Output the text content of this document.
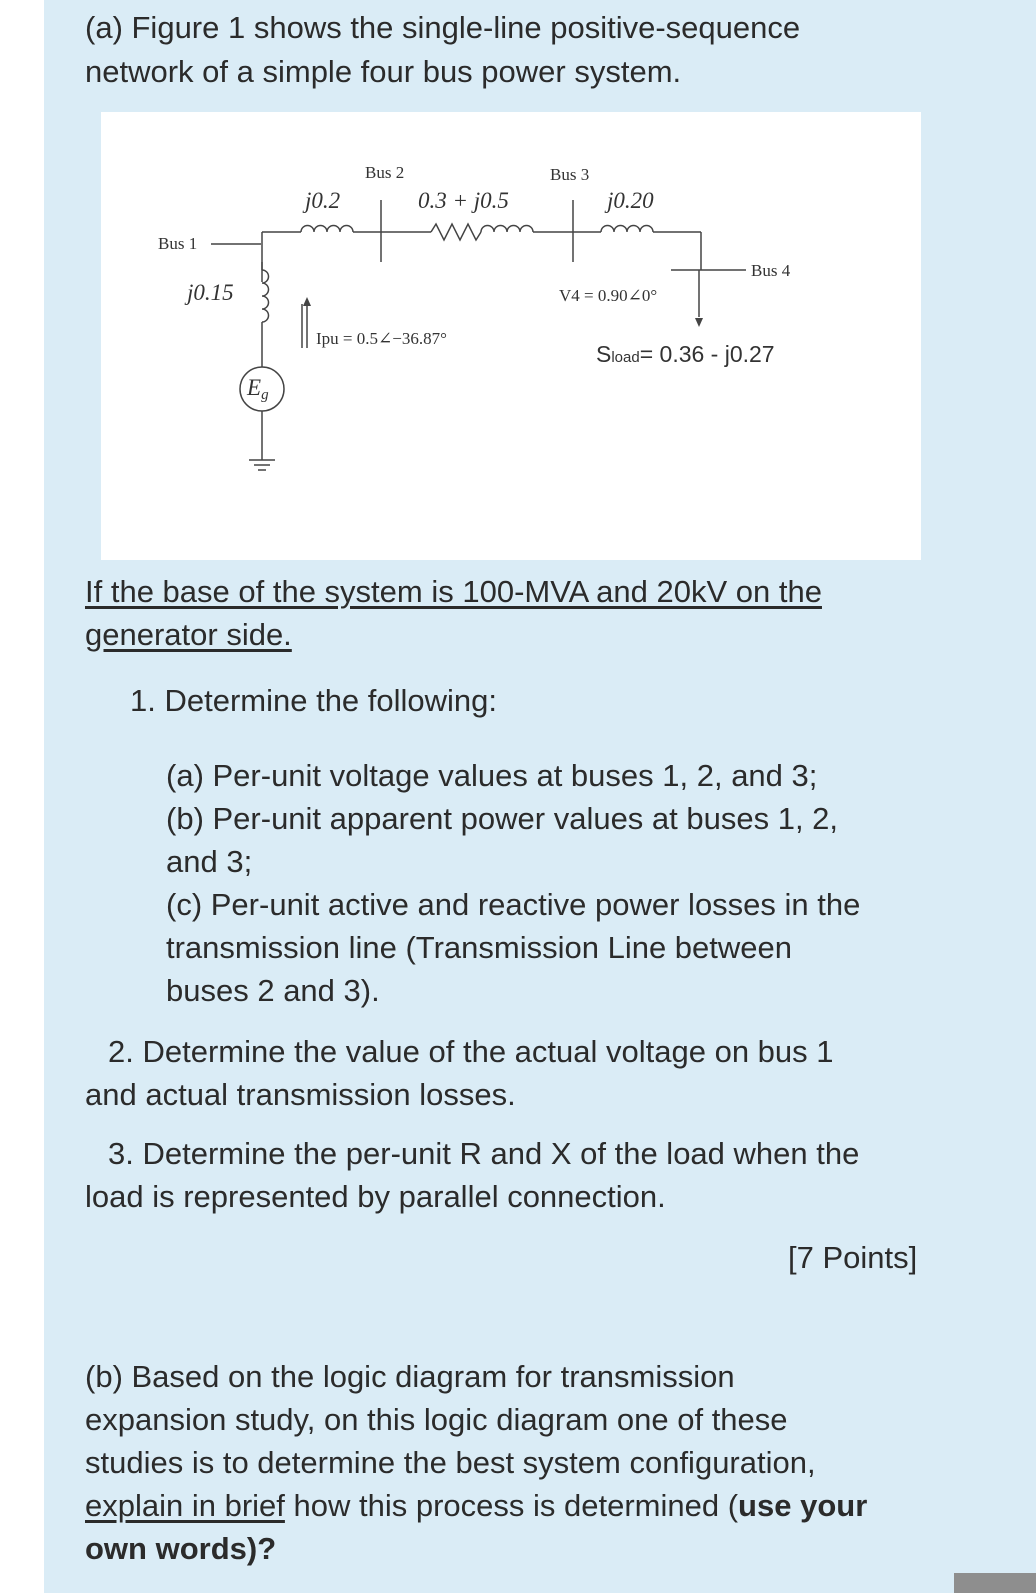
(a) Figure 1 shows the single-line positive-sequence

network of a simple four bus power system.

Bus 2	Bus 3
Bus 1
Bus 4
j0.2	0.3 + j0.5	j0.20
j0.15
Ipu = 0.5∠−36.87°
V4 = 0.90∠0°
Sload= 0.36 - j0.27
Eg

If the base of the system is 100-MVA and 20kV on the

generator side.

1. Determine the following:

(a) Per-unit voltage values at buses 1, 2, and 3;

(b) Per-unit apparent power values at buses 1, 2,

and 3;

(c) Per-unit active and reactive power losses in the

transmission line (Transmission Line between

buses 2 and 3).

2. Determine the value of the actual voltage on bus 1

and actual transmission losses.

3. Determine the per-unit R and X of the load when the

load is represented by parallel connection.

[7 Points]

(b) Based on the logic diagram for transmission

expansion study, on this logic diagram one of these

studies is to determine the best system configuration,

explain in brief how this process is determined (use your

own words)?
